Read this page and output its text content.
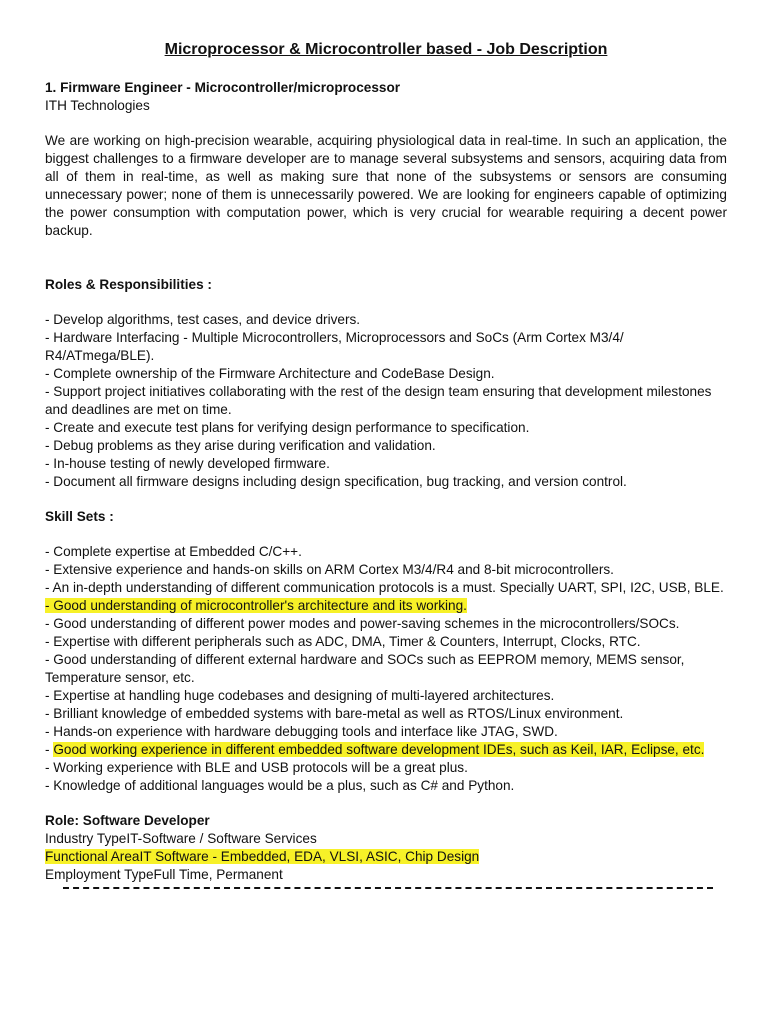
Microprocessor & Microcontroller based - Job Description
1. Firmware Engineer - Microcontroller/microprocessor
ITH Technologies
We are working on high-precision wearable, acquiring physiological data in real-time. In such an application, the biggest challenges to a firmware developer are to manage several subsystems and sensors, acquiring data from all of them in real-time, as well as making sure that none of the subsystems or sensors are consuming unnecessary power; none of them is unnecessarily powered. We are looking for engineers capable of optimizing the power consumption with computation power, which is very crucial for wearable requiring a decent power backup.
Roles & Responsibilities :
- Develop algorithms, test cases, and device drivers.
- Hardware Interfacing - Multiple Microcontrollers, Microprocessors and SoCs (Arm Cortex M3/4/ R4/ATmega/BLE).
- Complete ownership of the Firmware Architecture and CodeBase Design.
- Support project initiatives collaborating with the rest of the design team ensuring that development milestones and deadlines are met on time.
- Create and execute test plans for verifying design performance to specification.
- Debug problems as they arise during verification and validation.
- In-house testing of newly developed firmware.
- Document all firmware designs including design specification, bug tracking, and version control.
Skill Sets :
- Complete expertise at Embedded C/C++.
- Extensive experience and hands-on skills on ARM Cortex M3/4/R4 and 8-bit microcontrollers.
- An in-depth understanding of different communication protocols is a must. Specially UART, SPI, I2C, USB, BLE.
- Good understanding of microcontroller's architecture and its working.
- Good understanding of different power modes and power-saving schemes in the microcontrollers/SOCs.
- Expertise with different peripherals such as ADC, DMA, Timer & Counters, Interrupt, Clocks, RTC.
- Good understanding of different external hardware and SOCs such as EEPROM memory, MEMS sensor, Temperature sensor, etc.
- Expertise at handling huge codebases and designing of multi-layered architectures.
- Brilliant knowledge of embedded systems with bare-metal as well as RTOS/Linux environment.
- Hands-on experience with hardware debugging tools and interface like JTAG, SWD.
- Good working experience in different embedded software development IDEs, such as Keil, IAR, Eclipse, etc.
- Working experience with BLE and USB protocols will be a great plus.
- Knowledge of additional languages would be a plus, such as C# and Python.
Role: Software Developer
Industry TypeIT-Software / Software Services
Functional AreaIT Software - Embedded, EDA, VLSI, ASIC, Chip Design
Employment TypeFull Time, Permanent
